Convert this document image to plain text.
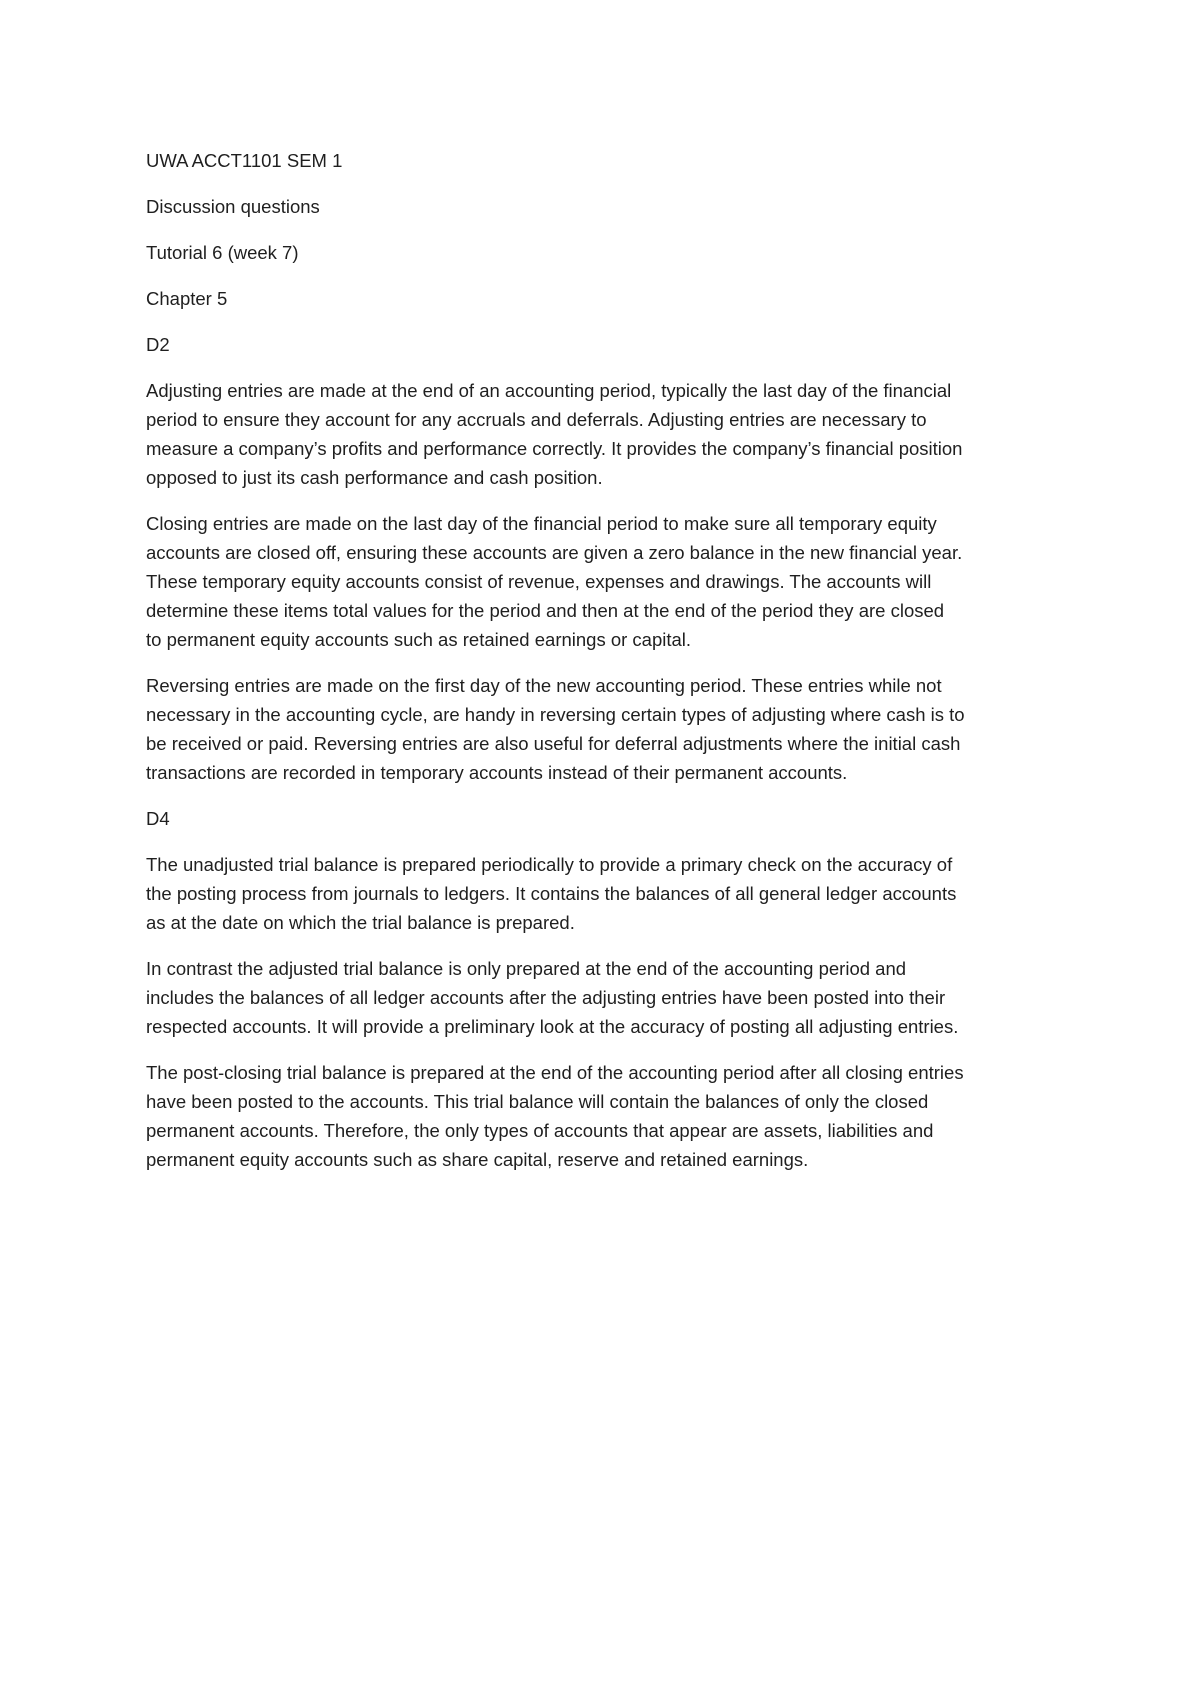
UWA ACCT1101 SEM 1
Discussion questions
Tutorial 6 (week 7)
Chapter 5
D2
Adjusting entries are made at the end of an accounting period, typically the last day of the financial
period to ensure they account for any accruals and deferrals. Adjusting entries are necessary to
measure a company’s profits and performance correctly. It provides the company’s financial position
opposed to just its cash performance and cash position.
Closing entries are made on the last day of the financial period to make sure all temporary equity
accounts are closed off, ensuring these accounts are given a zero balance in the new financial year.
These temporary equity accounts consist of revenue, expenses and drawings. The accounts will
determine these items total values for the period and then at the end of the period they are closed
to permanent equity accounts such as retained earnings or capital.
Reversing entries are made on the first day of the new accounting period. These entries while not
necessary in the accounting cycle, are handy in reversing certain types of adjusting where cash is to
be received or paid. Reversing entries are also useful for deferral adjustments where the initial cash
transactions are recorded in temporary accounts instead of their permanent accounts.
D4
The unadjusted trial balance is prepared periodically to provide a primary check on the accuracy of
the posting process from journals to ledgers. It contains the balances of all general ledger accounts
as at the date on which the trial balance is prepared.
In contrast the adjusted trial balance is only prepared at the end of the accounting period and
includes the balances of all ledger accounts after the adjusting entries have been posted into their
respected accounts. It will provide a preliminary look at the accuracy of posting all adjusting entries.
The post-closing trial balance is prepared at the end of the accounting period after all closing entries
have been posted to the accounts. This trial balance will contain the balances of only the closed
permanent accounts. Therefore, the only types of accounts that appear are assets, liabilities and
permanent equity accounts such as share capital, reserve and retained earnings.
